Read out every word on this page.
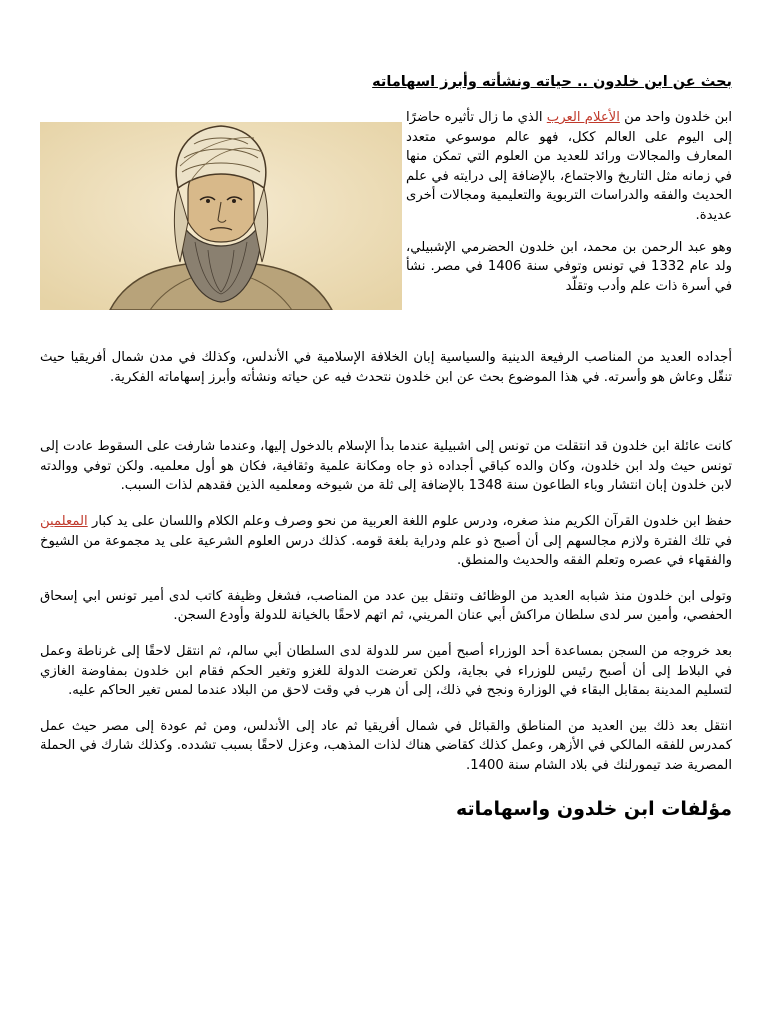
بحث عن ابن خلدون .. حياته ونشأته وأبرز اسهاماته

ابن خلدون واحد من الأعلام العرب الذي ما زال تأثيره حاضرًا إلى اليوم على العالم ككل، فهو عالم موسوعي متعدد المعارف والمجالات ورائد للعديد من العلوم التي تمكن منها في زمانه مثل التاريخ والاجتماع، بالإضافة إلى درايته في علم الحديث والفقه والدراسات التربوية والتعليمية ومجالات أخرى عديدة.

وهو عبد الرحمن بن محمد، ابن خلدون الحضرمي الإشبيلي، ولد عام 1332 في تونس وتوفي سنة 1406 في مصر. نشأ في أسرة ذات علم وأدب وتقلّد

أجداده العديد من المناصب الرفيعة الدينية والسياسية إبان الخلافة الإسلامية في الأندلس، وكذلك في مدن شمال أفريقيا حيث تنقّل وعاش هو وأسرته. في هذا الموضوع بحث عن ابن خلدون نتحدث فيه عن حياته ونشأته وأبرز إسهاماته الفكرية.

كانت عائلة ابن خلدون قد انتقلت من تونس إلى اشبيلية عندما بدأ الإسلام بالدخول إليها، وعندما شارفت على السقوط عادت إلى تونس حيث ولد ابن خلدون، وكان والده كباقي أجداده ذو جاه ومكانة علمية وثقافية، فكان هو أول معلميه. ولكن توفي ووالدته لابن خلدون إبان انتشار وباء الطاعون سنة 1348 بالإضافة إلى ثلة من شيوخه ومعلميه الذين فقدهم لذات السبب.

حفظ ابن خلدون القرآن الكريم منذ صغره، ودرس علوم اللغة العربية من نحو وصرف وعلم الكلام واللسان على يد كبار المعلمين في تلك الفترة ولازم مجالسهم إلى أن أصبح ذو علم ودراية بلغة قومه. كذلك درس العلوم الشرعية على يد مجموعة من الشيوخ والفقهاء في عصره وتعلم الفقه والحديث والمنطق.

وتولى ابن خلدون منذ شبابه العديد من الوظائف وتنقل بين عدد من المناصب، فشغل وظيفة كاتب لدى أمير تونس ابي إسحاق الحفصي، وأمين سر لدى سلطان مراكش أبي عنان المريني، ثم اتهم لاحقًا بالخيانة للدولة وأودع السجن.

بعد خروجه من السجن بمساعدة أحد الوزراء أصبح أمين سر للدولة لدى السلطان أبي سالم، ثم انتقل لاحقًا إلى غرناطة وعمل في البلاط إلى أن أصبح رئيس للوزراء في بجاية، ولكن تعرضت الدولة للغزو وتغير الحكم فقام ابن خلدون بمفاوضة الغازي لتسليم المدينة بمقابل البقاء في الوزارة ونجح في ذلك، إلى أن هرب في وقت لاحق من البلاد عندما لمس تغير الحاكم عليه.

انتقل بعد ذلك بين العديد من المناطق والقبائل في شمال أفريقيا ثم عاد إلى الأندلس، ومن ثم عودة إلى مصر حيث عمل كمدرس للفقه المالكي في الأزهر، وعمل كذلك كقاضي هناك لذات المذهب، وعزل لاحقًا بسبب تشدده. وكذلك شارك في الحملة المصرية ضد تيمورلنك في بلاد الشام سنة 1400.

مؤلفات ابن خلدون واسهاماته
